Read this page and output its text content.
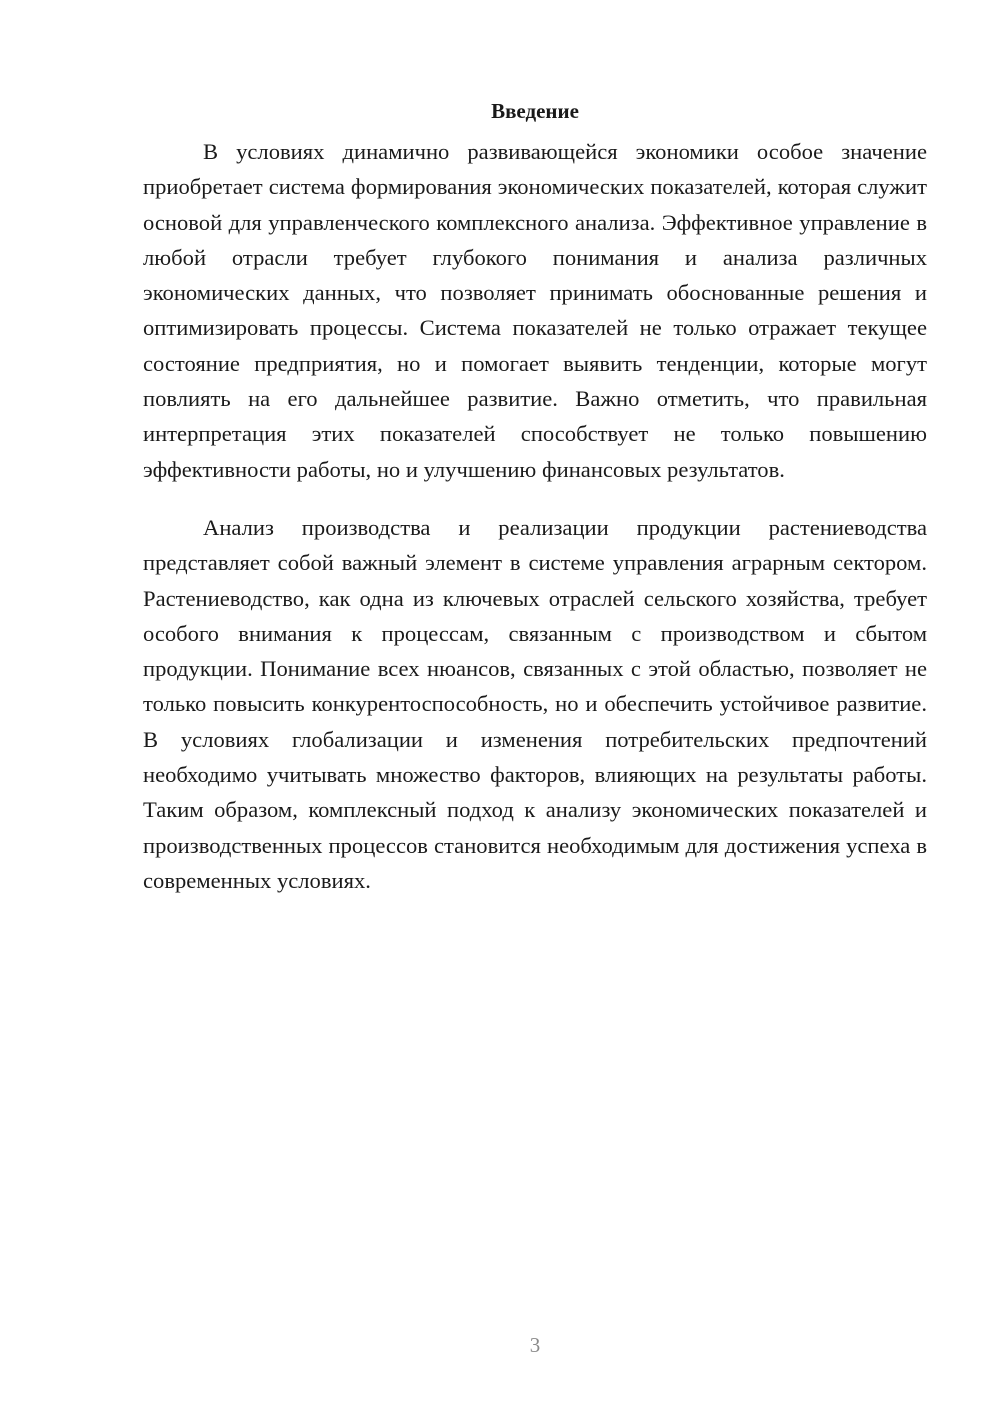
Введение

В условиях динамично развивающейся экономики особое значение приобретает система формирования экономических показателей, которая служит основой для управленческого комплексного анализа. Эффективное управление в любой отрасли требует глубокого понимания и анализа различных экономических данных, что позволяет принимать обоснованные решения и оптимизировать процессы. Система показателей не только отражает текущее состояние предприятия, но и помогает выявить тенденции, которые могут повлиять на его дальнейшее развитие. Важно отметить, что правильная интерпретация этих показателей способствует не только повышению эффективности работы, но и улучшению финансовых результатов.

Анализ производства и реализации продукции растениеводства представляет собой важный элемент в системе управления аграрным сектором. Растениеводство, как одна из ключевых отраслей сельского хозяйства, требует особого внимания к процессам, связанным с производством и сбытом продукции. Понимание всех нюансов, связанных с этой областью, позволяет не только повысить конкурентоспособность, но и обеспечить устойчивое развитие. В условиях глобализации и изменения потребительских предпочтений необходимо учитывать множество факторов, влияющих на результаты работы. Таким образом, комплексный подход к анализу экономических показателей и производственных процессов становится необходимым для достижения успеха в современных условиях.

3
